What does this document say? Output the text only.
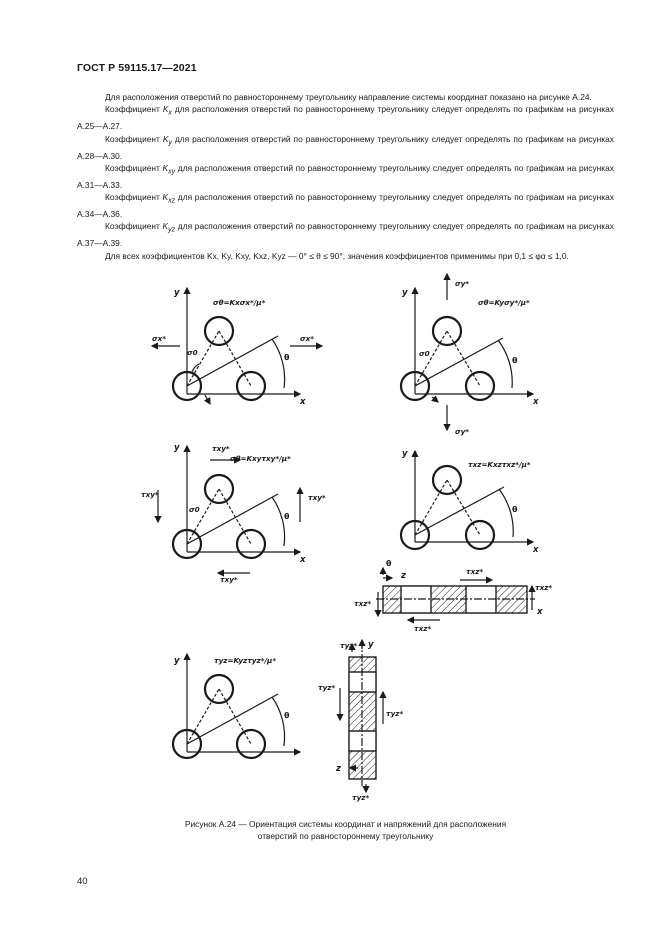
ГОСТ Р 59115.17—2021

Для расположения отверстий по равностороннему треугольнику направление системы координат показано на рисунке А.24.

Коэффициент $K_x$ для расположения отверстий по равностороннему треугольнику следует определять по графикам на рисунках А.25—А.27.

Коэффициент $K_y$ для расположения отверстий по равностороннему треугольнику следует определять по графикам на рисунках А.28—А.30.

Коэффициент $K_{xy}$ для расположения отверстий по равностороннему треугольнику следует определять по графикам на рисунках А.31—А.33.

Коэффициент $K_{xz}$ для расположения отверстий по равностороннему треугольнику следует определять по графикам на рисунках А.34—А.36.

Коэффициент $K_{yz}$ для расположения отверстий по равностороннему треугольнику следует определять по графикам на рисунках А.37—А.39.

Для всех коэффициентов Kx, Ky, Kxy, Kxz, Kyz — 0° ≤ θ ≤ 90°, значения коэффициентов применимы при 0,1 ≤ φα ≤ 1,0.

y
x
σθ=Kxσx*/μ*
σx*	σx*
σ0
θ
y
x
σθ=Kyσy*/μ*
σy*
σy*
σ0
θ
y
x
σθ=Kxyτxy*/μ*
τxy*
τxy*
τxy*	τxy*
σ0
θ
y
x
τxz=Kxzτxz*/μ*
θ
θ
z	τxz*
τxz*
τxz*
τxz*
x
y	τyz=Kyzτyz*/μ*
θ
y
z
τyz*
τyz*
τyz*
τyz*
Рисунок А.24 — Ориентация системы координат и напряжений для расположения
отверстий по равностороннему треугольнику
40
